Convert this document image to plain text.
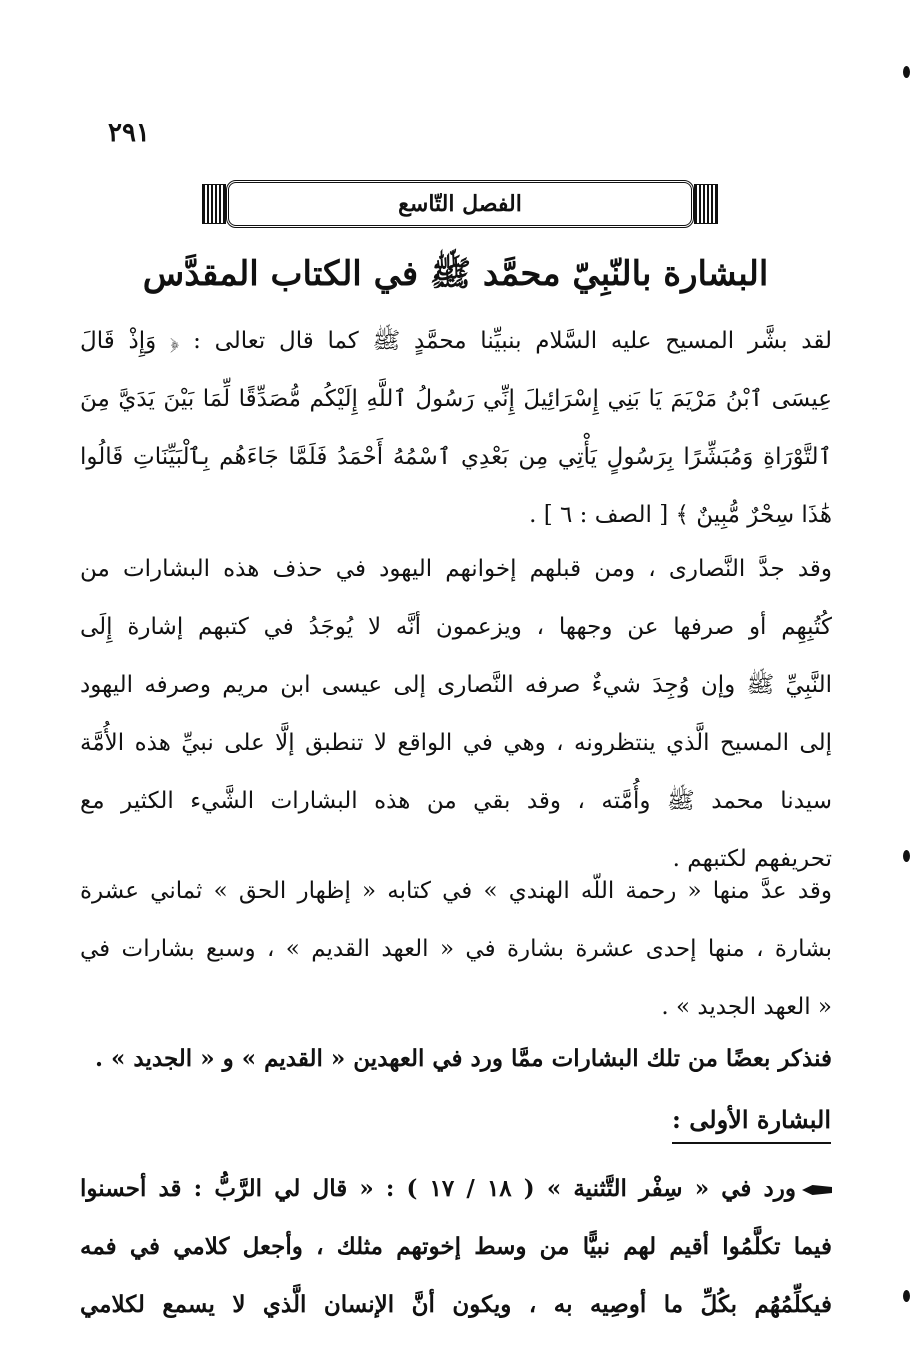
٢٩١
الفصل التّاسع
البشارة بالنّبِيّ محمَّد ﷺ في الكتاب المقدَّس
لقد بشَّر المسيح عليه السَّلام بنبيِّنا محمَّدٍ ﷺ كما قال تعالى : ﴿ وَإِذْ قَالَ
عِيسَى ٱبْنُ مَرْيَمَ يَا بَنِي إِسْرَائِيلَ إِنِّي رَسُولُ ٱللَّهِ إِلَيْكُم مُّصَدِّقًا لِّمَا بَيْنَ يَدَيَّ مِنَ
ٱلتَّوْرَاةِ وَمُبَشِّرًا بِرَسُولٍ يَأْتِي مِن بَعْدِي ٱسْمُهُ أَحْمَدُ فَلَمَّا جَاءَهُم بِٱلْبَيِّنَاتِ قَالُوا
هَٰذَا سِحْرٌ مُّبِينٌ ﴾ [ الصف : ٦ ] .
وقد جدَّ النَّصارى ، ومن قبلهم إخوانهم اليهود في حذف هذه البشارات من
كُتُبِهِم أو صرفها عن وجهها ، ويزعمون أنَّه لا يُوجَدُ في كتبهم إشارة إِلَى
النَّبِيِّ ﷺ وإن وُجِدَ شيءٌ صرفه النَّصارى إلى عيسى ابن مريم وصرفه اليهود
إلى المسيح الَّذي ينتظرونه ، وهي في الواقع لا تنطبق إلَّا على نبيِّ هذه الأُمَّة
سيدنا محمد ﷺ وأُمَّته ، وقد بقي من هذه البشارات الشَّيء الكثير مع
تحريفهم لكتبهم .
وقد عدَّ منها « رحمة اللّه الهندي » في كتابه « إظهار الحق » ثماني عشرة
بشارة ، منها إحدى عشرة بشارة في « العهد القديم » ، وسبع بشارات في
« العهد الجديد » .
فنذكر بعضًا من تلك البشارات ممَّا ورد في العهدين « القديم » و « الجديد » .
البشارة الأولى :
ورد في « سِفْر التَّثنية » ( ١٨ / ١٧ ) : « قال لي الرَّبُّ : قد أحسنوا
فيما تكلَّمُوا أقيم لهم نبيًّا من وسط إخوتهم مثلك ، وأجعل كلامي في فمه
فيكلِّمُهُم بكُلِّ ما أوصِيه به ، ويكون أنَّ الإنسان الَّذي لا يسمع لكلامي
